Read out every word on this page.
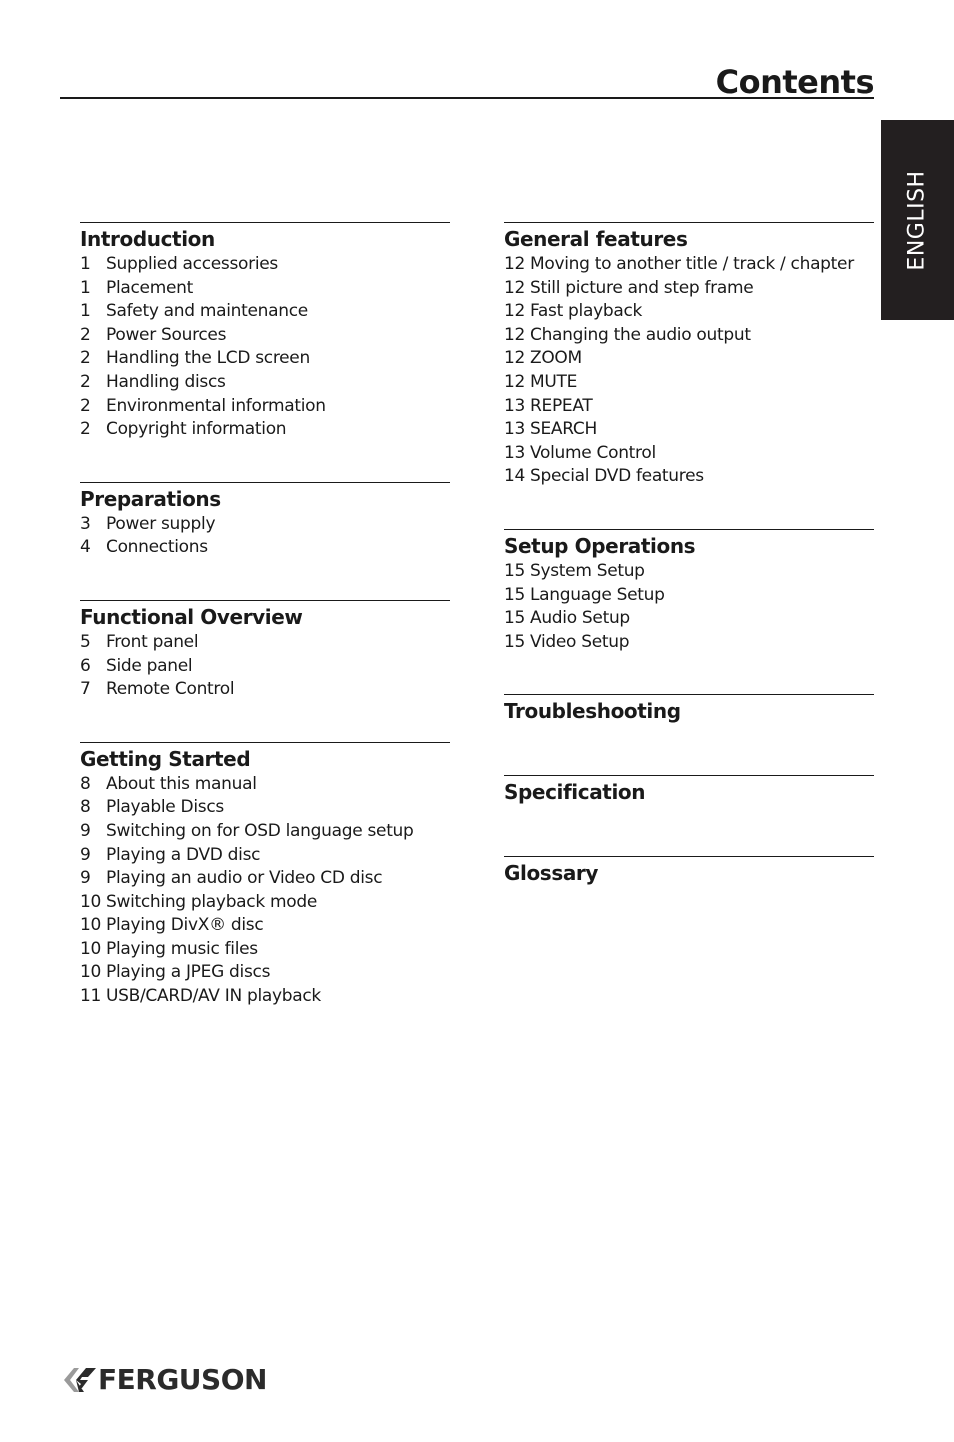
Contents
ENGLISH
Introduction
1 Supplied accessories
1 Placement
1 Safety and maintenance
2 Power Sources
2 Handling the LCD screen
2 Handling discs
2 Environmental information
2 Copyright information
Preparations
3 Power supply
4 Connections
Functional Overview
5 Front panel
6 Side panel
7 Remote Control
Getting Started
8 About this manual
8 Playable Discs
9 Switching on for OSD language setup
9 Playing a DVD disc
9 Playing an audio or Video CD disc
10 Switching playback mode
10 Playing DivX® disc
10 Playing music files
10 Playing a JPEG discs
11 USB/CARD/AV IN playback
General features
12 Moving to another title / track / chapter
12 Still picture and step frame
12 Fast playback
12 Changing the audio output
12 ZOOM
12 MUTE
13 REPEAT
13 SEARCH
13 Volume Control
14 Special DVD features
Setup Operations
15 System Setup
15 Language Setup
15 Audio Setup
15 Video Setup
Troubleshooting
Specification
Glossary
FERGUSON
